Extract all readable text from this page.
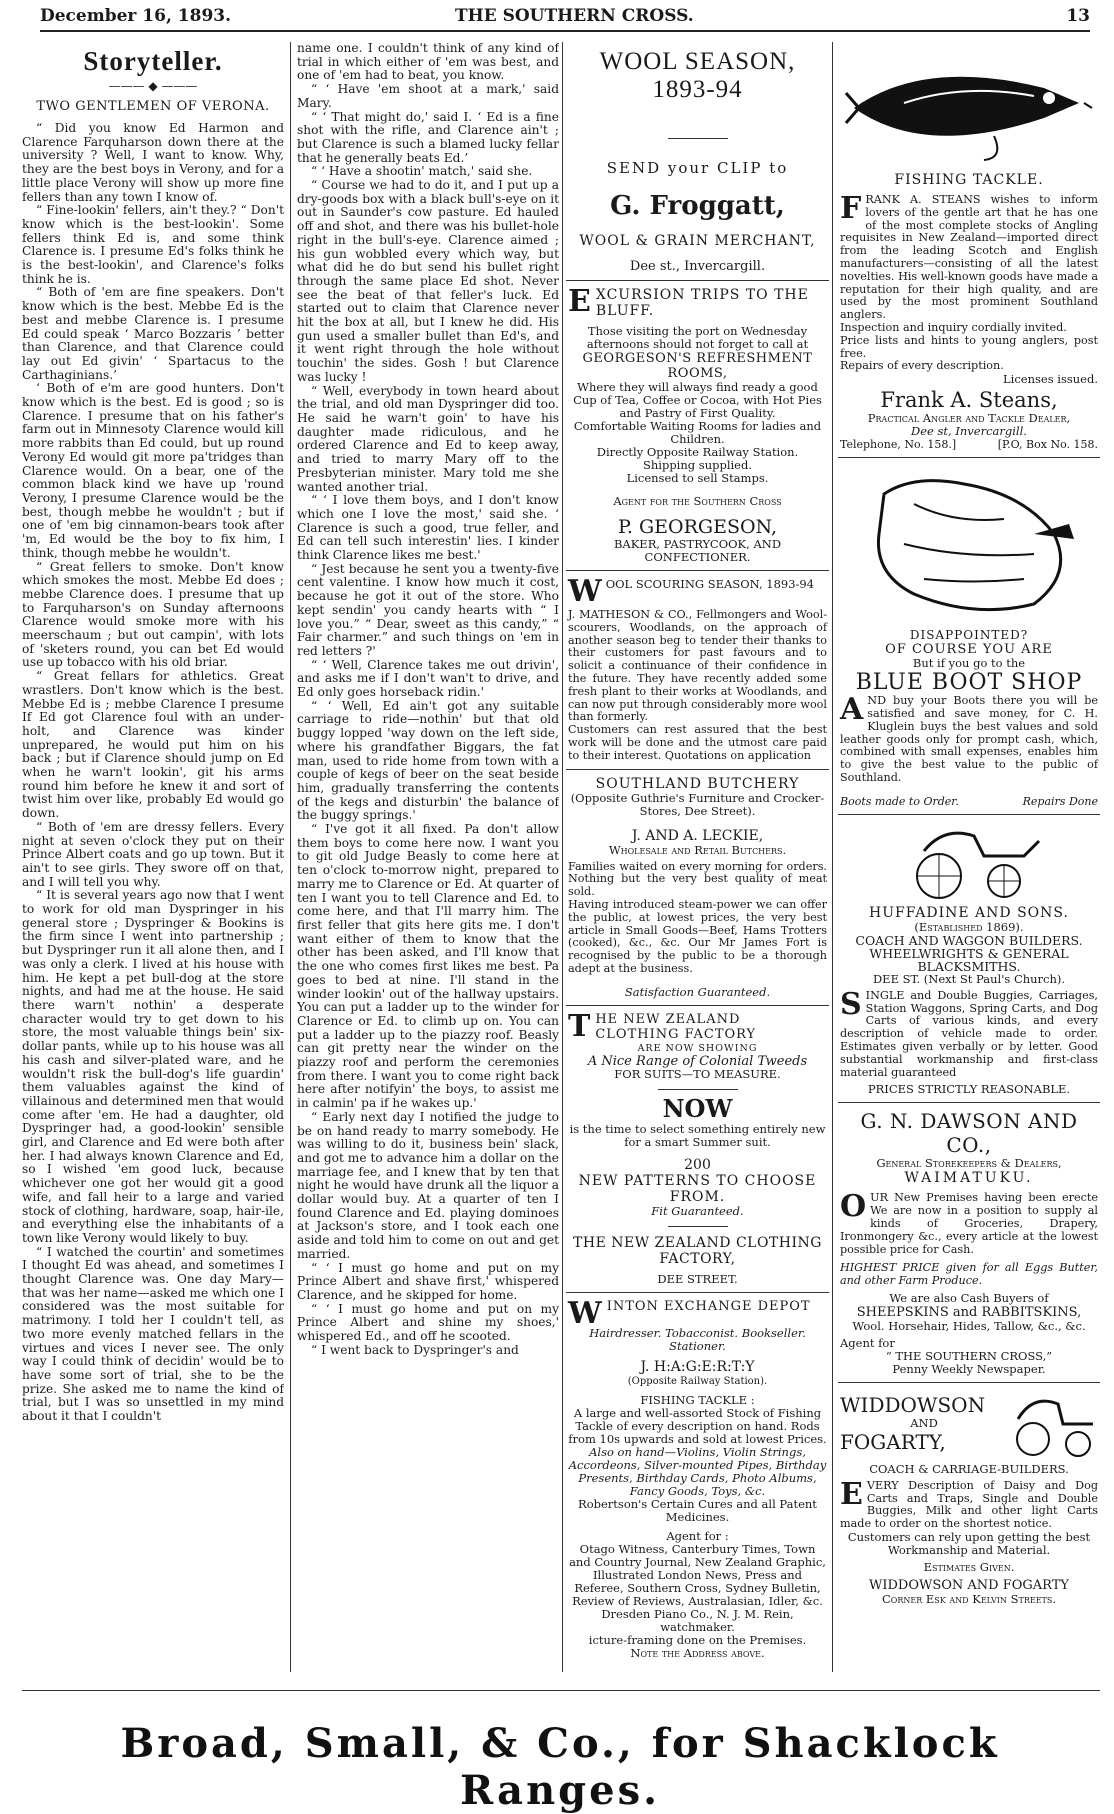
December 16, 1893.	THE SOUTHERN CROSS.	13
Storyteller.
——— ◆ ———
TWO GENTLEMEN OF VERONA.

“ Did you know Ed Harmon and Clarence Farquharson down there at the university ? Well, I want to know. Why, they are the best boys in Verony, and for a little place Verony will show up more fine fellers than any town I know of.

“ Fine-lookin' fellers, ain't they.? “ Don't know which is the best-lookin'. Some fellers think Ed is, and some think Clarence is. I presume Ed's folks think he is the best-lookin', and Clarence's folks think he is.

“ Both of 'em are fine speakers. Don't know which is the best. Mebbe Ed is the best and mebbe Clarence is. I presume Ed could speak ‘ Marco Bozzaris ’ better than Clarence, and that Clarence could lay out Ed givin' ‘ Spartacus to the Carthaginians.’

‘ Both of e'm are good hunters. Don't know which is the best. Ed is good ; so is Clarence. I presume that on his father's farm out in Minnesoty Clarence would kill more rabbits than Ed could, but up round Verony Ed would git more pa'tridges than Clarence would. On a bear, one of the common black kind we have up 'round Verony, I presume Clarence would be the best, though mebbe he wouldn't ; but if one of 'em big cinnamon-bears took after 'm, Ed would be the boy to fix him, I think, though mebbe he wouldn't.

“ Great fellers to smoke. Don't know which smokes the most. Mebbe Ed does ; mebbe Clarence does. I presume that up to Farquharson's on Sunday afternoons Clarence would smoke more with his meerschaum ; but out campin', with lots of 'sketers round, you can bet Ed would use up tobacco with his old briar.

“ Great fellars for athletics. Great wrastlers. Don't know which is the best. Mebbe Ed is ; mebbe Clarence I presume If Ed got Clarence foul with an under-holt, and Clarence was kinder unprepared, he would put him on his back ; but if Clarence should jump on Ed when he warn't lookin', git his arms round him before he knew it and sort of twist him over like, probably Ed would go down.

“ Both of 'em are dressy fellers. Every night at seven o'clock they put on their Prince Albert coats and go up town. But it ain't to see girls. They swore off on that, and I will tell you why.

“ It is several years ago now that I went to work for old man Dyspringer in his general store ; Dyspringer & Bookins is the firm since I went into partnership ; but Dyspringer run it all alone then, and I was only a clerk. I lived at his house with him. He kept a pet bull-dog at the store nights, and had me at the house. He said there warn't nothin' a desperate character would try to get down to his store, the most valuable things bein' six-dollar pants, while up to his house was all his cash and silver-plated ware, and he wouldn't risk the bull-dog's life guardin' them valuables against the kind of villainous and determined men that would come after 'em. He had a daughter, old Dyspringer had, a good-lookin' sensible girl, and Clarence and Ed were both after her. I had always known Clarence and Ed, so I wished 'em good luck, because whichever one got her would git a good wife, and fall heir to a large and varied stock of clothing, hardware, soap, hair-ile, and everything else the inhabitants of a town like Verony would likely to buy.

“ I watched the courtin' and sometimes I thought Ed was ahead, and sometimes I thought Clarence was. One day Mary—that was her name—asked me which one I considered was the most suitable for matrimony. I told her I couldn't tell, as two more evenly matched fellars in the virtues and vices I never see. The only way I could think of decidin' would be to have some sort of trial, she to be the prize. She asked me to name the kind of trial, but I was so unsettled in my mind about it that I couldn't

name one. I couldn't think of any kind of trial in which either of 'em was best, and one of 'em had to beat, you know.

“ ‘ Have 'em shoot at a mark,' said Mary.

“ ‘ That might do,' said I. ‘ Ed is a fine shot with the rifle, and Clarence ain't ; but Clarence is such a blamed lucky fellar that he generally beats Ed.’

“ ‘ Have a shootin' match,' said she.

“ Course we had to do it, and I put up a dry-goods box with a black bull's-eye on it out in Saunder's cow pasture. Ed hauled off and shot, and there was his bullet-hole right in the bull's-eye. Clarence aimed ; his gun wobbled every which way, but what did he do but send his bullet right through the same place Ed shot. Never see the beat of that feller's luck. Ed started out to claim that Clarence never hit the box at all, but I knew he did. His gun used a smaller bullet than Ed's, and it went right through the hole without touchin' the sides. Gosh ! but Clarence was lucky !

“ Well, everybody in town heard about the trial, and old man Dyspringer did too. He said he warn't goin' to have his daughter made ridiculous, and he ordered Clarence and Ed to keep away, and tried to marry Mary off to the Presbyterian minister. Mary told me she wanted another trial.

“ ‘ I love them boys, and I don't know which one I love the most,' said she. ‘ Clarence is such a good, true feller, and Ed can tell such interestin' lies. I kinder think Clarence likes me best.'

“ Jest because he sent you a twenty-five cent valentine. I know how much it cost, because he got it out of the store. Who kept sendin' you candy hearts with “ I love you.” “ Dear, sweet as this candy,” “ Fair charmer.” and such things on 'em in red letters ?'

“ ‘ Well, Clarence takes me out drivin', and asks me if I don't wan't to drive, and Ed only goes horseback ridin.'

“ ‘ Well, Ed ain't got any suitable carriage to ride—nothin' but that old buggy lopped 'way down on the left side, where his grandfather Biggars, the fat man, used to ride home from town with a couple of kegs of beer on the seat beside him, gradually transferring the contents of the kegs and disturbin' the balance of the buggy springs.'

“ I've got it all fixed. Pa don't allow them boys to come here now. I want you to git old Judge Beasly to come here at ten o'clock to-morrow night, prepared to marry me to Clarence or Ed. At quarter of ten I want you to tell Clarence and Ed. to come here, and that I'll marry him. The first feller that gits here gits me. I don't want either of them to know that the other has been asked, and I'll know that the one who comes first likes me best. Pa goes to bed at nine. I'll stand in the winder lookin' out of the hallway upstairs. You can put a ladder up to the winder for Clarence or Ed. to climb up on. You can put a ladder up to the piazzy roof. Beasly can git pretty near the winder on the piazzy roof and perform the ceremonies from there. I want you to come right back here after notifyin' the boys, to assist me in calmin' pa if he wakes up.'

“ Early next day I notified the judge to be on hand ready to marry somebody. He was willing to do it, business bein' slack, and got me to advance him a dollar on the marriage fee, and I knew that by ten that night he would have drunk all the liquor a dollar would buy. At a quarter of ten I found Clarence and Ed. playing dominoes at Jackson's store, and I took each one aside and told him to come on out and get married.

“ ‘ I must go home and put on my Prince Albert and shave first,' whispered Clarence, and he skipped for home.

“ ‘ I must go home and put on my Prince Albert and shine my shoes,' whispered Ed., and off he scooted.

“ I went back to Dyspringer's and

WOOL SEASON, 1893-94
SEND your CLIP to
G. Froggatt,
WOOL & GRAIN MERCHANT,
Dee st., Invercargill.
EXCURSION TRIPS TO THE BLUFF.
Those visiting the port on Wednesday afternoons should not forget to call at
GEORGESON'S REFRESHMENT ROOMS,
Where they will always find ready a good Cup of Tea, Coffee or Cocoa, with Hot Pies and Pastry of First Quality.
Comfortable Waiting Rooms for ladies and Children.
Directly Opposite Railway Station.
Shipping supplied.
Licensed to sell Stamps.
Agent for the Southern Cross
P. GEORGESON,
BAKER, PASTRYCOOK, AND CONFECTIONER.
WOOL SCOURING SEASON, 1893-94
J. MATHESON & CO., Fellmongers and Wool-scourers, Woodlands, on the approach of another season beg to tender their thanks to their customers for past favours and to solicit a continuance of their confidence in the future. They have recently added some fresh plant to their works at Woodlands, and can now put through considerably more wool than formerly.
Customers can rest assured that the best work will be done and the utmost care paid to their interest. Quotations on application
SOUTHLAND BUTCHERY
(Opposite Guthrie's Furniture and Crocker-Stores, Dee Street).
J. AND A. LECKIE,
Wholesale and Retail Butchers.
Families waited on every morning for orders. Nothing but the very best quality of meat sold.
Having introduced steam-power we can offer the public, at lowest prices, the very best article in Small Goods—Beef, Hams Trotters (cooked), &c., &c. Our Mr James Fort is recognised by the public to be a thorough adept at the business.
Satisfaction Guaranteed.
THE NEW ZEALAND CLOTHING FACTORY
ARE NOW SHOWING
A Nice Range of Colonial Tweeds
FOR SUITS—TO MEASURE.
NOW
is the time to select something entirely new for a smart Summer suit.
200
NEW PATTERNS TO CHOOSE FROM.
Fit Guaranteed.
THE NEW ZEALAND CLOTHING FACTORY,
DEE STREET.
WINTON EXCHANGE DEPOT
Hairdresser. Tobacconist. Bookseller. Stationer.
J. H:A:G:E:R:T:Y
(Opposite Railway Station).
FISHING TACKLE :
A large and well-assorted Stock of Fishing Tackle of every description on hand. Rods from 10s upwards and sold at lowest Prices.
Also on hand—Violins, Violin Strings, Accordeons, Silver-mounted Pipes, Birthday Presents, Birthday Cards, Photo Albums, Fancy Goods, Toys, &c.
Robertson's Certain Cures and all Patent Medicines.
Agent for :
Otago Witness, Canterbury Times, Town and Country Journal, New Zealand Graphic, Illustrated London News, Press and Referee, Southern Cross, Sydney Bulletin, Review of Reviews, Australasian, Idler, &c.
Dresden Piano Co., N. J. M. Rein, watchmaker.
icture-framing done on the Premises.
Note the Address above.
FISHING TACKLE.
FRANK A. STEANS wishes to inform lovers of the gentle art that he has one of the most complete stocks of Angling requisites in New Zealand—imported direct from the leading Scotch and English manufacturers—consisting of all the latest novelties. His well-known goods have made a reputation for their high quality, and are used by the most prominent Southland anglers.
Inspection and inquiry cordially invited.
Price lists and hints to young anglers, post free.
Repairs of every description.
Licenses issued.
Frank A. Steans,
Practical Angler and Tackle Dealer,
Dee st, Invercargill.
Telephone, No. 158.]	[P.O, Box No. 158.
DISAPPOINTED?
OF COURSE YOU ARE
But if you go to the
BLUE BOOT SHOP
AND buy your Boots there you will be satisfied and save money, for C. H. Kluglein buys the best values and sold leather goods only for prompt cash, which, combined with small expenses, enables him to give the best value to the public of Southland.
Boots made to Order.	Repairs Done
HUFFADINE AND SONS.
(Established 1869).
COACH AND WAGGON BUILDERS.
WHEELWRIGHTS & GENERAL BLACKSMITHS.
DEE ST. (Next St Paul's Church).
SINGLE and Double Buggies, Carriages, Station Waggons, Spring Carts, and Dog Carts of various kinds, and every description of vehicle made to order. Estimates given verbally or by letter. Good substantial workmanship and first-class material guaranteed
PRICES STRICTLY REASONABLE.
G. N. DAWSON AND CO.,
General Storekeepers & Dealers,
WAIMATUKU.
OUR New Premises having been erecte We are now in a position to supply al kinds of Groceries, Drapery, Ironmongery &c., every article at the lowest possible price for Cash.
HIGHEST PRICE given for all Eggs Butter, and other Farm Produce.
We are also Cash Buyers of
SHEEPSKINS and RABBITSKINS,
Wool. Horsehair, Hides, Tallow, &c., &c.
Agent for
“ THE SOUTHERN CROSS,”
Penny Weekly Newspaper.
WIDDOWSON
AND
FOGARTY,
COACH & CARRIAGE-BUILDERS.
EVERY Description of Daisy and Dog Carts and Traps, Single and Double Buggies, Milk and other light Carts made to order on the shortest notice.
Customers can rely upon getting the best Workmanship and Material.
Estimates Given.
WIDDOWSON AND FOGARTY
Corner Esk and Kelvin Streets.
Broad, Small, & Co., for Shacklock Ranges.
